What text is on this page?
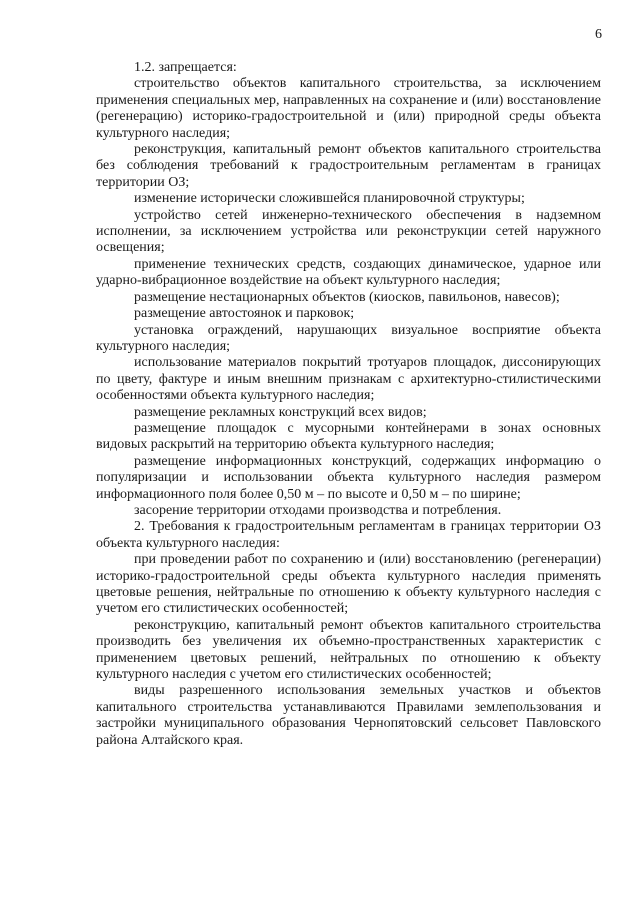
6

1.2. запрещается:

строительство объектов капитального строительства, за исключением применения специальных мер, направленных на сохранение и (или) восстановление (регенерацию) историко-градостроительной и (или) природной среды объекта культурного наследия;

реконструкция, капитальный ремонт объектов капитального строительства без соблюдения требований к градостроительным регламентам в границах территории ОЗ;

изменение исторически сложившейся планировочной структуры;

устройство сетей инженерно-технического обеспечения в надземном исполнении, за исключением устройства или реконструкции сетей наружного освещения;

применение технических средств, создающих динамическое, ударное или ударно-вибрационное воздействие на объект культурного наследия;

размещение нестационарных объектов (киосков, павильонов, навесов);

размещение автостоянок и парковок;

установка ограждений, нарушающих визуальное восприятие объекта культурного наследия;

использование материалов покрытий тротуаров площадок, диссонирующих по цвету, фактуре и иным внешним признакам с архитектурно-стилистическими особенностями объекта культурного наследия;

размещение рекламных конструкций всех видов;

размещение площадок с мусорными контейнерами в зонах основных видовых раскрытий на территорию объекта культурного наследия;

размещение информационных конструкций, содержащих информацию о популяризации и использовании объекта культурного наследия размером информационного поля более 0,50 м – по высоте и 0,50 м – по ширине;

засорение территории отходами производства и потребления.

2. Требования к градостроительным регламентам в границах территории ОЗ объекта культурного наследия:

при проведении работ по сохранению и (или) восстановлению (регенерации) историко-градостроительной среды объекта культурного наследия применять цветовые решения, нейтральные по отношению к объекту культурного наследия с учетом его стилистических особенностей;

реконструкцию, капитальный ремонт объектов капитального строительства производить без увеличения их объемно-пространственных характеристик с применением цветовых решений, нейтральных по отношению к объекту культурного наследия с учетом его стилистических особенностей;

виды разрешенного использования земельных участков и объектов капитального строительства устанавливаются Правилами землепользования и застройки муниципального образования Чернопятовский сельсовет Павловского района Алтайского края.
